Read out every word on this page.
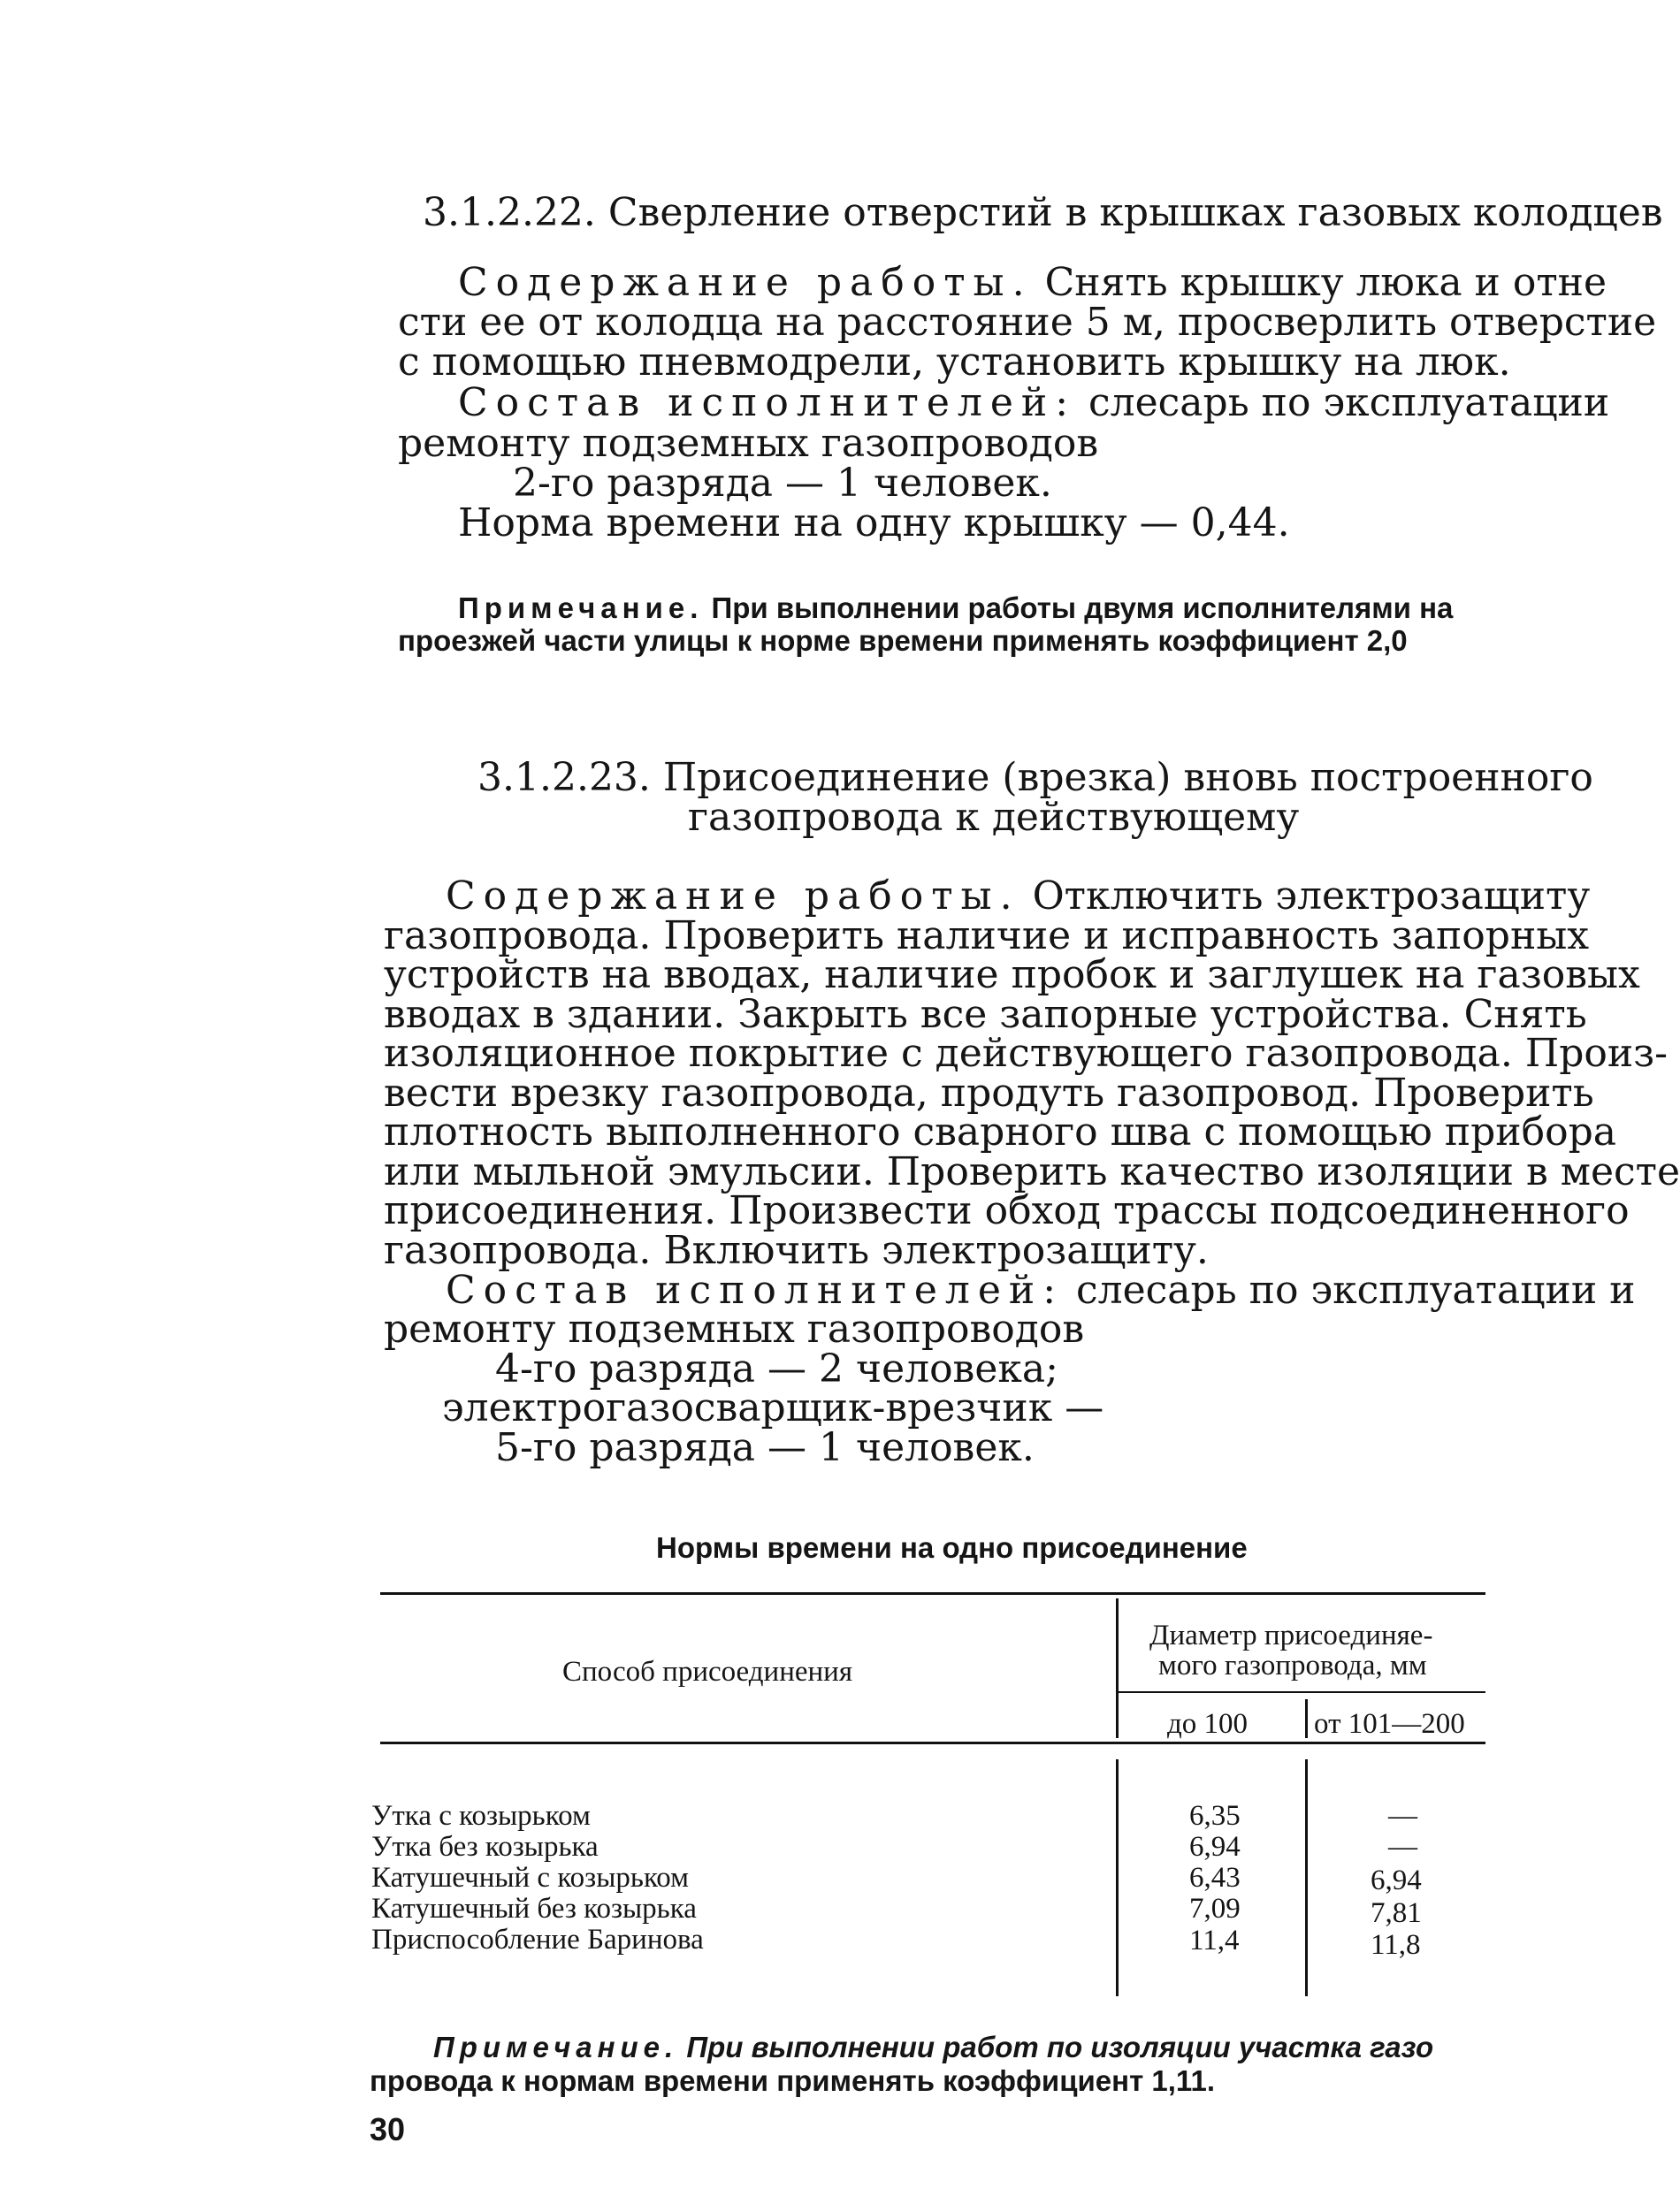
3.1.2.22. Сверление отверстий в крышках газовых колодцев
Содержание работы. Снять крышку люка и отне
сти ее от колодца на расстояние 5 м, просверлить отверстие
с помощью пневмодрели, установить крышку на люк.
Состав исполнителей: слесарь по эксплуатации
ремонту подземных газопроводов
2-го разряда — 1 человек.
Норма времени на одну крышку — 0,44.
Примечание. При выполнении работы двумя исполнителями на
проезжей части улицы к норме времени применять коэффициент 2,0
3.1.2.23. Присоединение (врезка) вновь построенного
газопровода к действующему
Содержание работы. Отключить электрозащиту
газопровода. Проверить наличие и исправность запорных
устройств на вводах, наличие пробок и заглушек на газовых
вводах в здании. Закрыть все запорные устройства. Снять
изоляционное покрытие с действующего газопровода. Произ-
вести врезку газопровода, продуть газопровод. Проверить
плотность выполненного сварного шва с помощью прибора
или мыльной эмульсии. Проверить качество изоляции в месте
присоединения. Произвести обход трассы подсоединенного
газопровода. Включить электрозащиту.
Состав исполнителей: слесарь по эксплуатации и
ремонту подземных газопроводов
4-го разряда — 2 человека;
электрогазосварщик-врезчик —
5-го разряда — 1 человек.
Нормы времени на одно присоединение
Способ присоединения
Диаметр присоединяе-
мого газопровода, мм
до 100 от 101—200
Утка с козырьком	6,35	—
Утка без козырька	6,94	—
Катушечный с козырьком	6,43	6,94
Катушечный без козырька	7,09	7,81
Приспособление Баринова	11,4	11,8
Примечание. При выполнении работ по изоляции участка газо
провода к нормам времени применять коэффициент 1,11.
30
